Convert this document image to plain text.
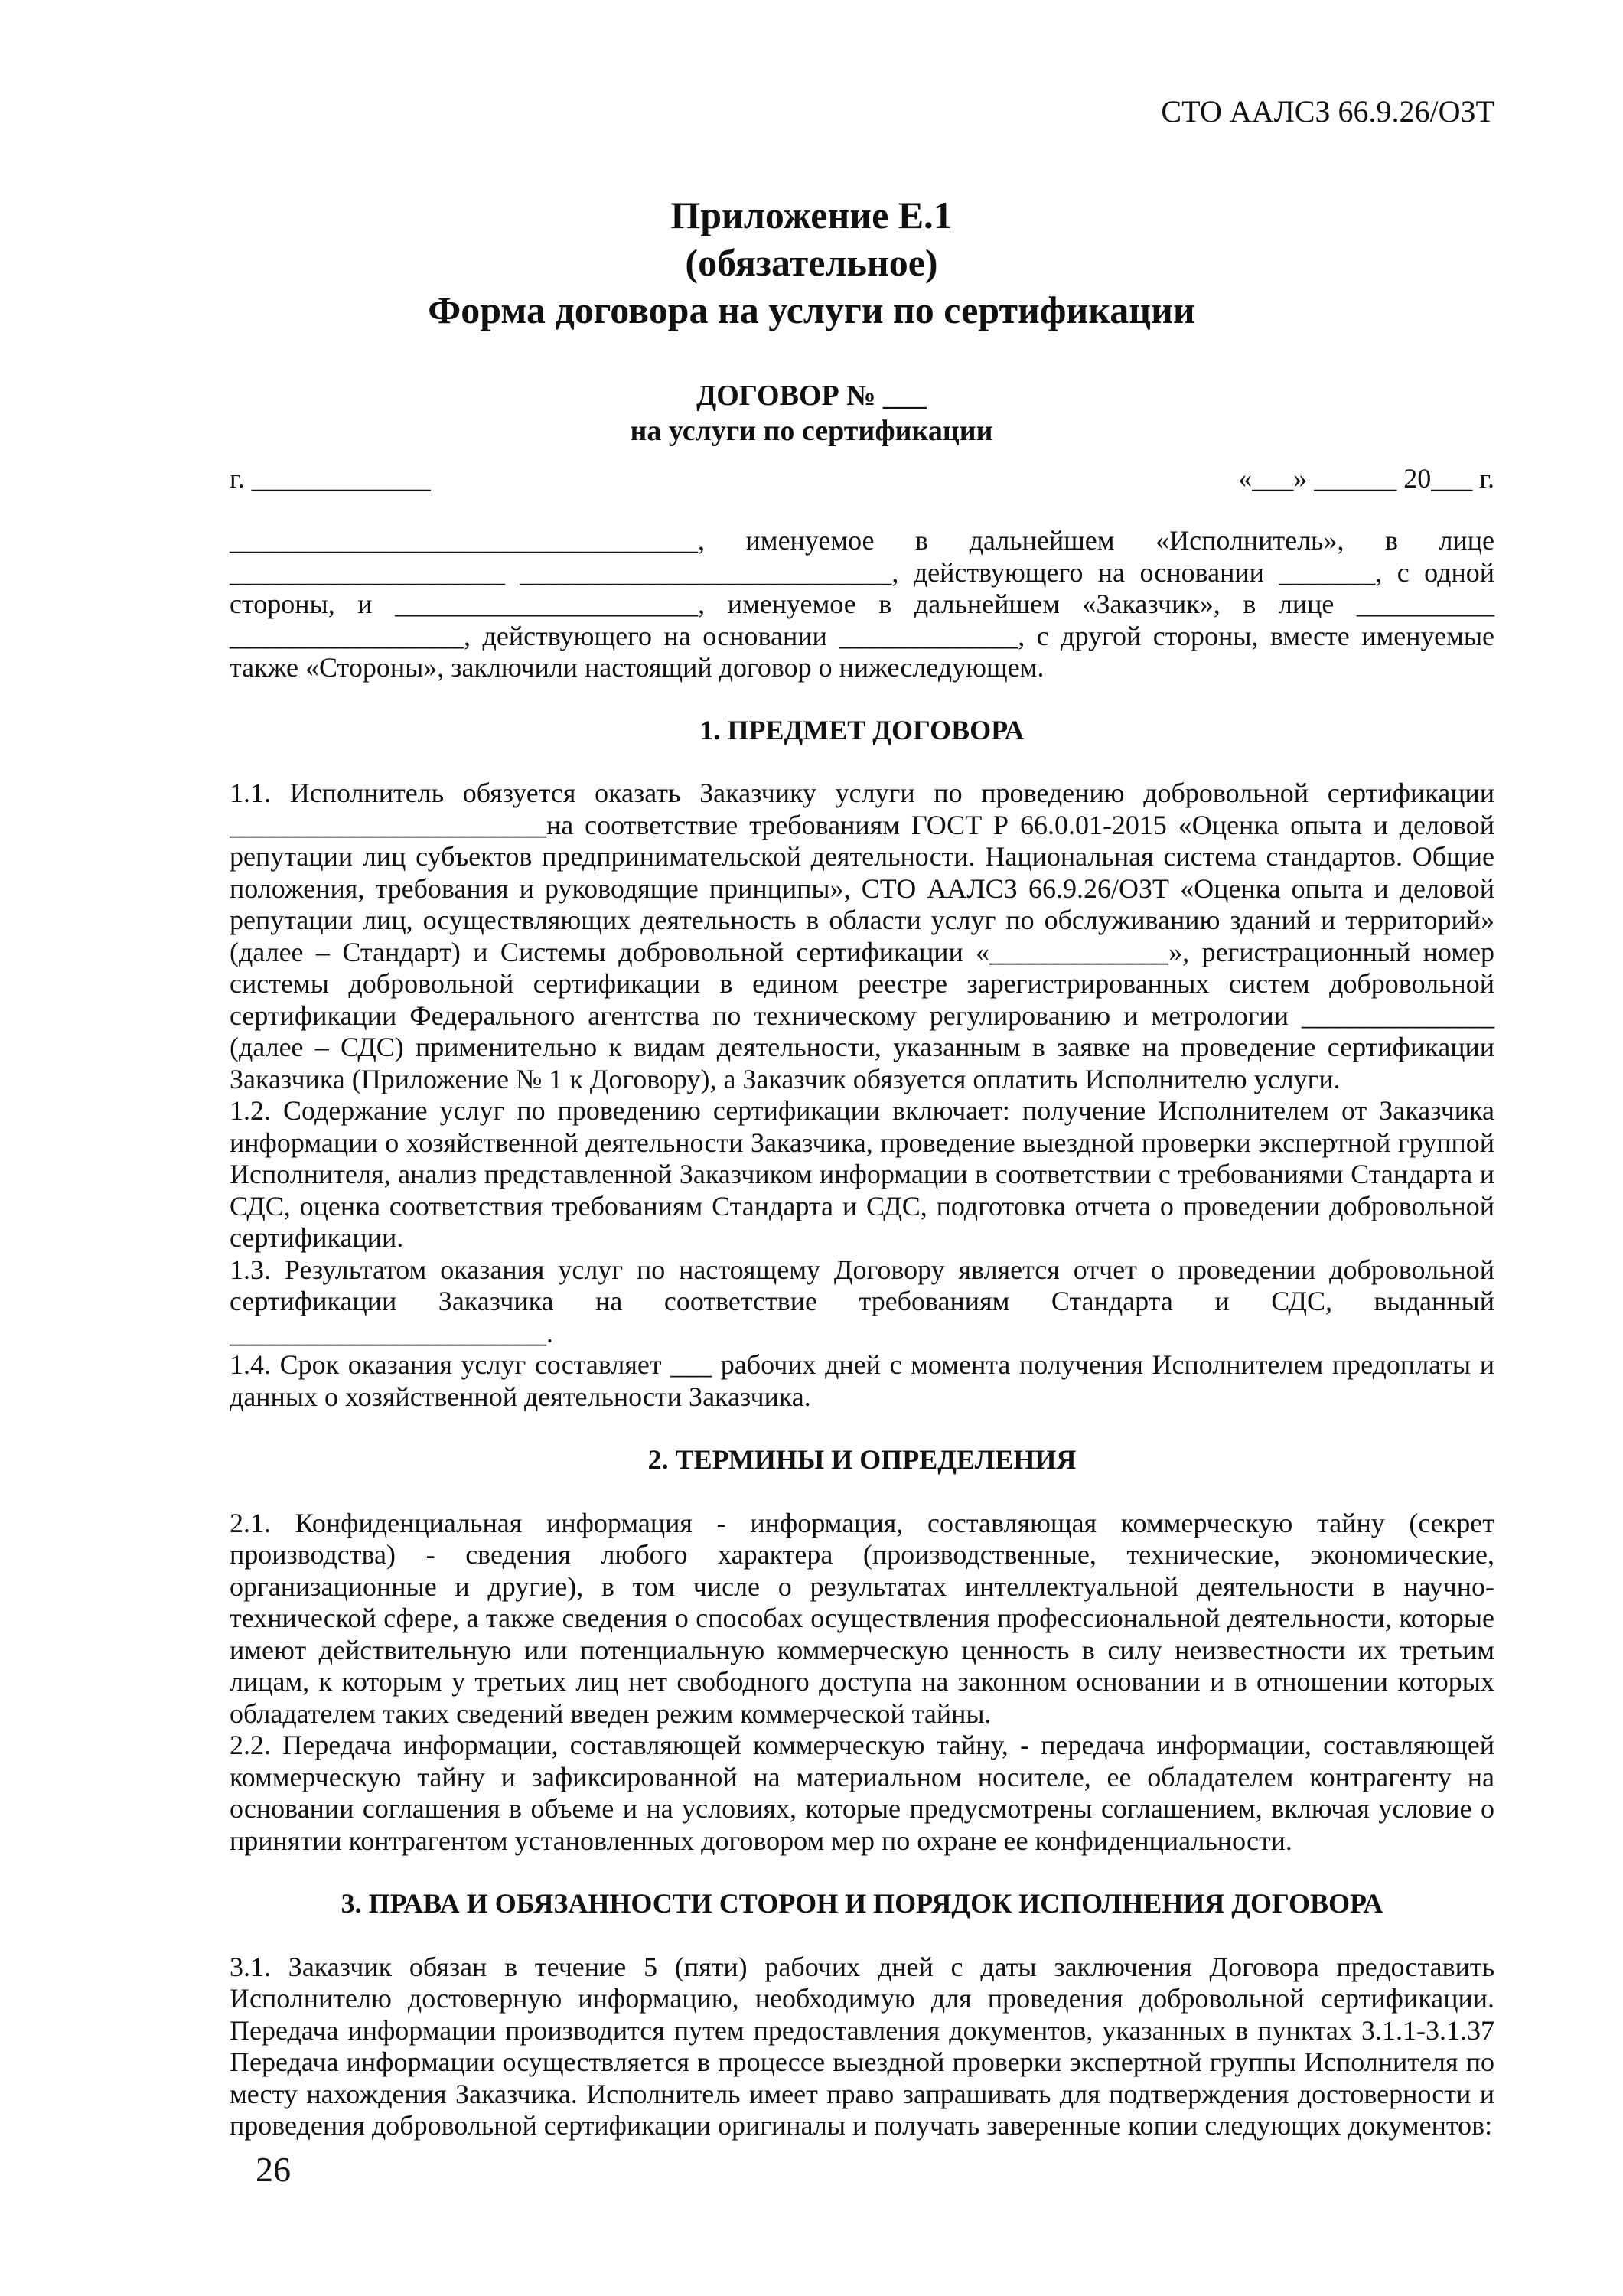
СТО ААЛСЗ 66.9.26/ОЗТ
Приложение Е.1
(обязательное)
Форма договора на услуги по сертификации
ДОГОВОР № ___
на услуги по сертификации
г. _____________	«___» ______ 20___ г.

__________________________________, именуемое в дальнейшем «Исполнитель», в лице ____________________ ___________________________, действующего на основании _______, с одной стороны, и ______________________, именуемое в дальнейшем «Заказчик», в лице __________ _________________, действующего на основании _____________, с другой стороны, вместе именуемые также «Стороны», заключили настоящий договор о нижеследующем.

1. ПРЕДМЕТ ДОГОВОРА

1.1. Исполнитель обязуется оказать Заказчику услуги по проведению добровольной сертификации _______________________на соответствие требованиям ГОСТ Р 66.0.01-2015 «Оценка опыта и деловой репутации лиц субъектов предпринимательской деятельности. Национальная система стандартов. Общие положения, требования и руководящие принципы», СТО ААЛСЗ 66.9.26/ОЗТ «Оценка опыта и деловой репутации лиц, осуществляющих деятельность в области услуг по обслуживанию зданий и территорий» (далее – Стандарт) и Системы добровольной сертификации «_____________», регистрационный номер системы добровольной сертификации в едином реестре зарегистрированных систем добровольной сертификации Федерального агентства по техническому регулированию и метрологии ______________ (далее – СДС) применительно к видам деятельности, указанным в заявке на проведение сертификации Заказчика (Приложение № 1 к Договору), а Заказчик обязуется оплатить Исполнителю услуги.

1.2. Содержание услуг по проведению сертификации включает: получение Исполнителем от Заказчика информации о хозяйственной деятельности Заказчика, проведение выездной проверки экспертной группой Исполнителя, анализ представленной Заказчиком информации в соответствии с требованиями Стандарта и СДС, оценка соответствия требованиям Стандарта и СДС, подготовка отчета о проведении добровольной сертификации.

1.3. Результатом оказания услуг по настоящему Договору является отчет о проведении добровольной сертификации Заказчика на соответствие требованиям Стандарта и СДС, выданный _______________________.

1.4. Срок оказания услуг составляет ___ рабочих дней с момента получения Исполнителем предоплаты и данных о хозяйственной деятельности Заказчика.

2. ТЕРМИНЫ И ОПРЕДЕЛЕНИЯ

2.1. Конфиденциальная информация - информация, составляющая коммерческую тайну (секрет производства) - сведения любого характера (производственные, технические, экономические, организационные и другие), в том числе о результатах интеллектуальной деятельности в научно-технической сфере, а также сведения о способах осуществления профессиональной деятельности, которые имеют действительную или потенциальную коммерческую ценность в силу неизвестности их третьим лицам, к которым у третьих лиц нет свободного доступа на законном основании и в отношении которых обладателем таких сведений введен режим коммерческой тайны.

2.2. Передача информации, составляющей коммерческую тайну, - передача информации, составляющей коммерческую тайну и зафиксированной на материальном носителе, ее обладателем контрагенту на основании соглашения в объеме и на условиях, которые предусмотрены соглашением, включая условие о принятии контрагентом установленных договором мер по охране ее конфиденциальности.

3. ПРАВА И ОБЯЗАННОСТИ СТОРОН И ПОРЯДОК ИСПОЛНЕНИЯ ДОГОВОРА

3.1. Заказчик обязан в течение 5 (пяти) рабочих дней с даты заключения Договора предоставить Исполнителю достоверную информацию, необходимую для проведения добровольной сертификации. Передача информации производится путем предоставления документов, указанных в пунктах 3.1.1-3.1.37 Передача информации осуществляется в процессе выездной проверки экспертной группы Исполнителя по месту нахождения Заказчика. Исполнитель имеет право запрашивать для подтверждения достоверности и проведения добровольной сертификации оригиналы и получать заверенные копии следующих документов:

26
